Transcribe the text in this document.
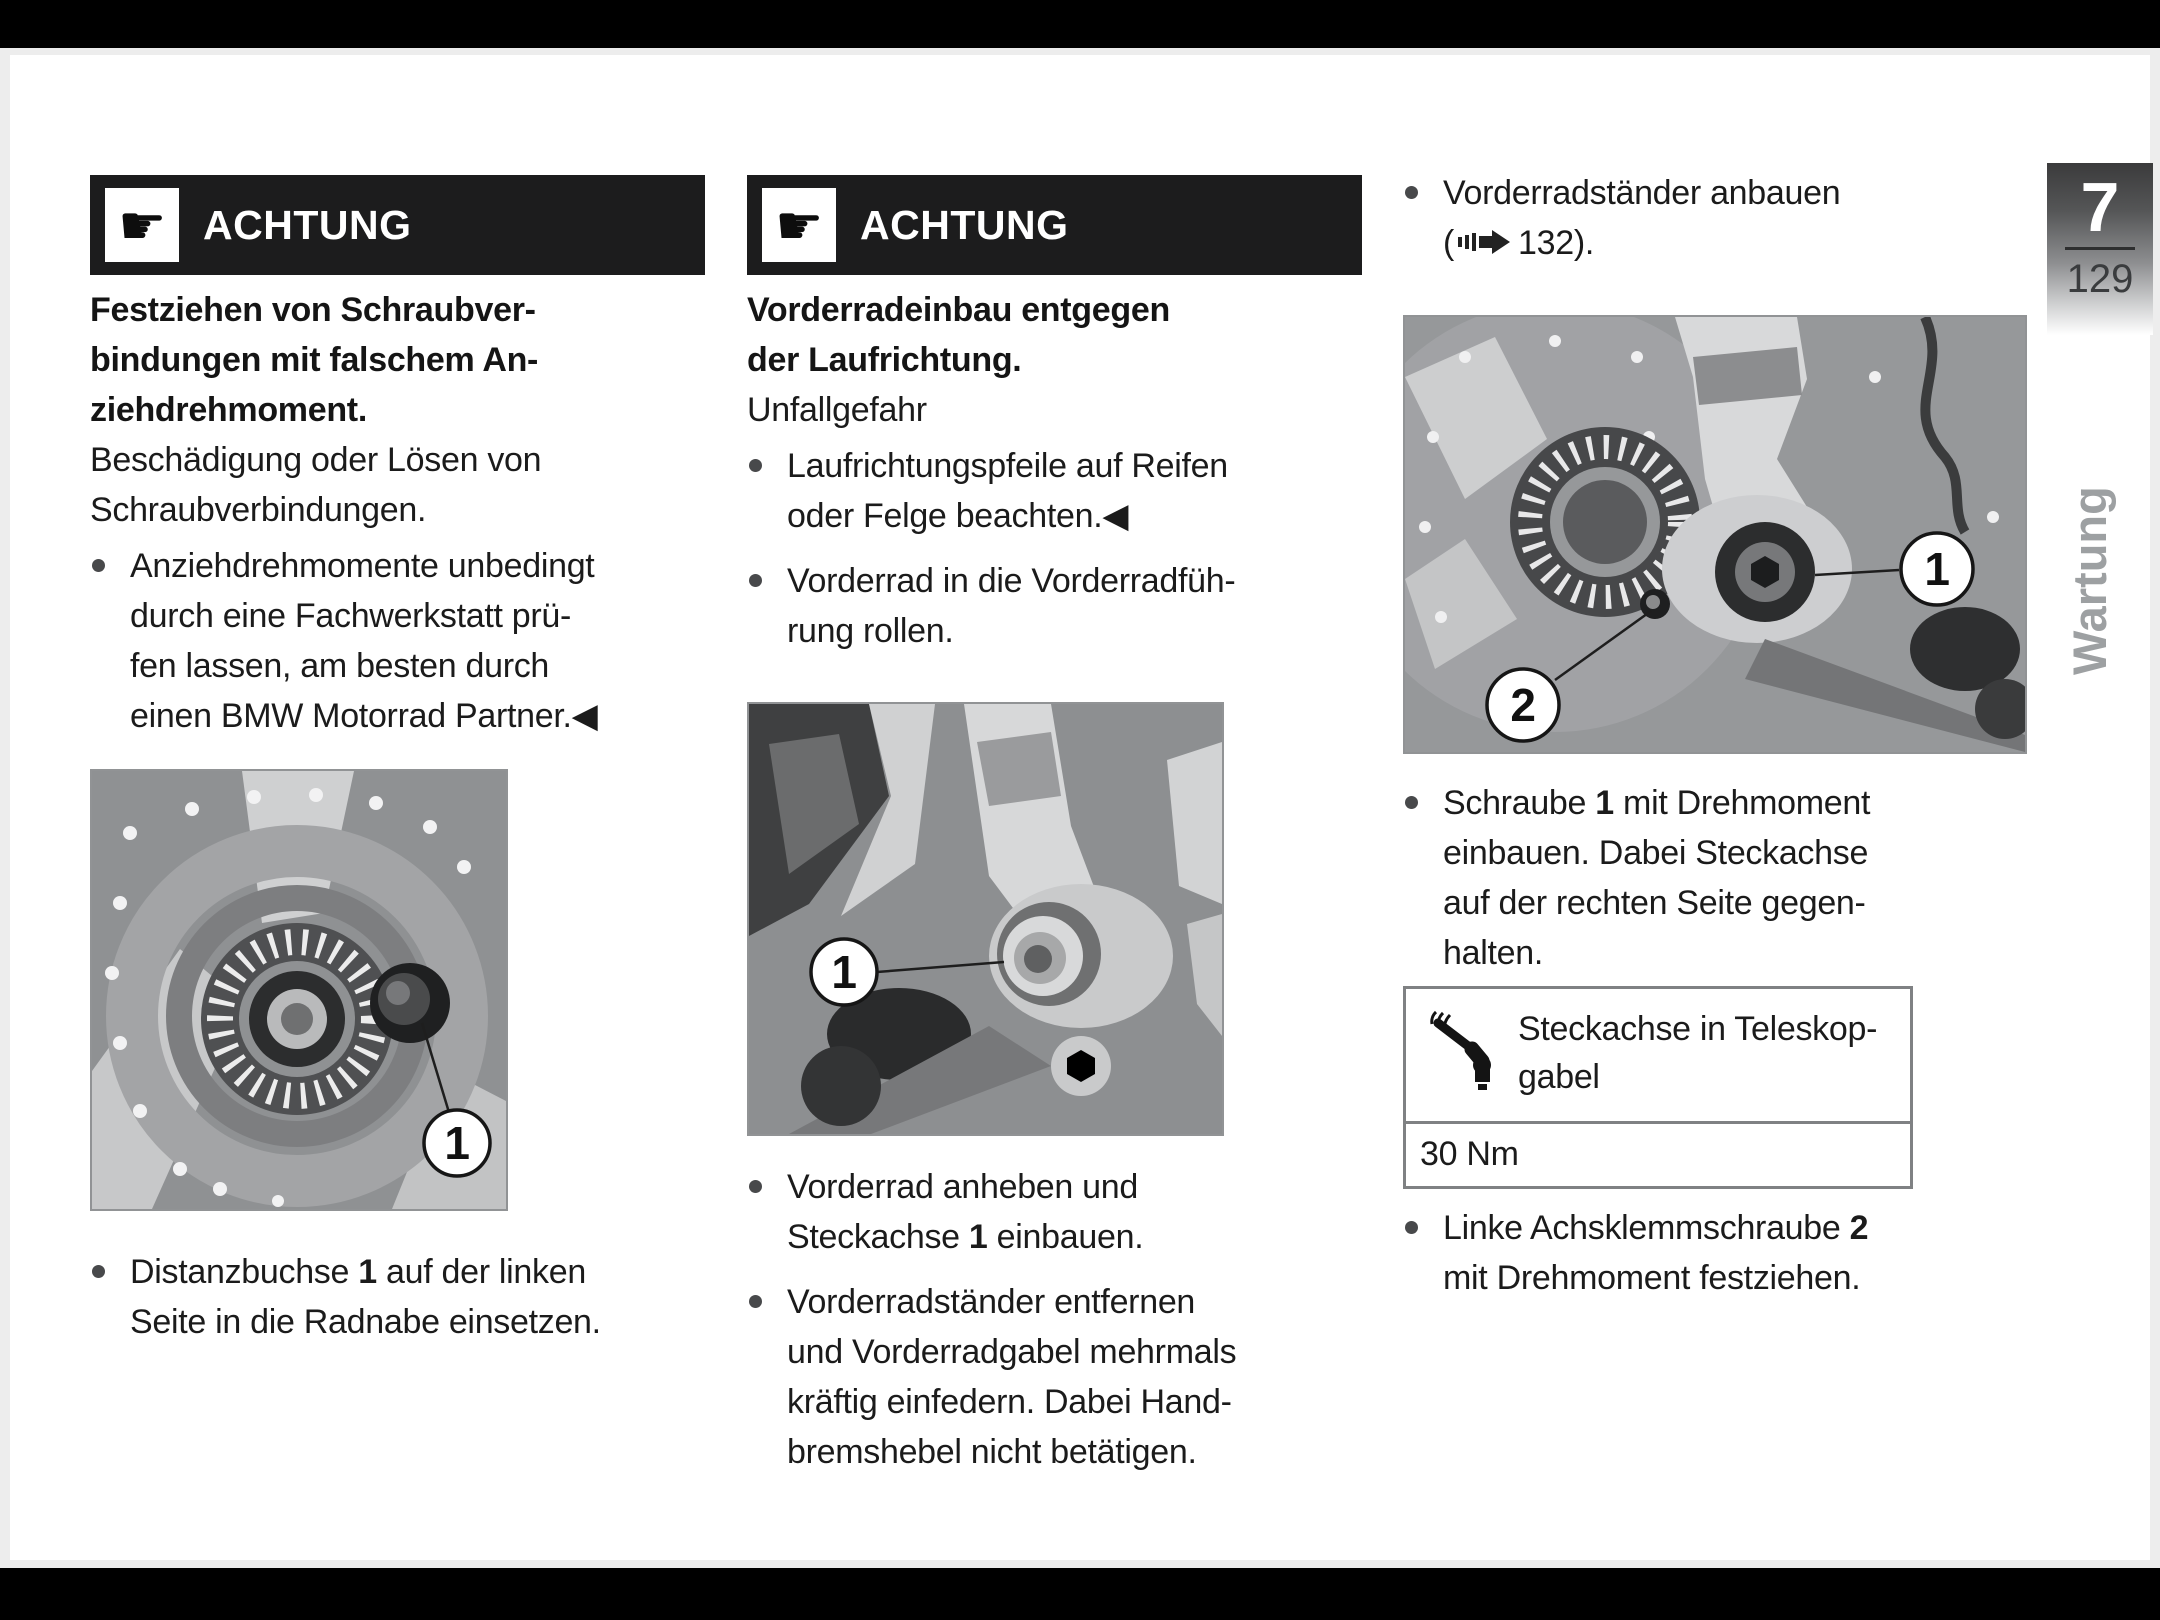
☛ ACHTUNG

Festziehen von Schraubver-
bindungen mit falschem An-
ziehdrehmoment.

Beschädigung oder Lösen von
Schraubverbindungen.

Anziehdrehmomente unbedingt
durch eine Fachwerkstatt prü-
fen lassen, am besten durch
einen BMW Motorrad Partner.◀
1
Distanzbuchse 1 auf der linken
Seite in die Radnabe einsetzen.
☛ ACHTUNG

Vorderradeinbau entgegen
der Laufrichtung.

Unfallgefahr

Laufrichtungspfeile auf Reifen
oder Felge beachten.◀
Vorderrad in die Vorderradfüh-
rung rollen.
1
Vorderrad anheben und
Steckachse 1 einbauen.
Vorderradständer entfernen
und Vorderradgabel mehrmals
kräftig einfedern. Dabei Hand-
bremshebel nicht betätigen.
Vorderradständer anbauen
( 132).
1
2
Schraube 1 mit Drehmoment
einbauen. Dabei Steckachse
auf der rechten Seite gegen-
halten.
Steckachse in Teleskop-
gabel
30 Nm
Linke Achsklemmschraube 2
mit Drehmoment festziehen.
7
129
Wartung
